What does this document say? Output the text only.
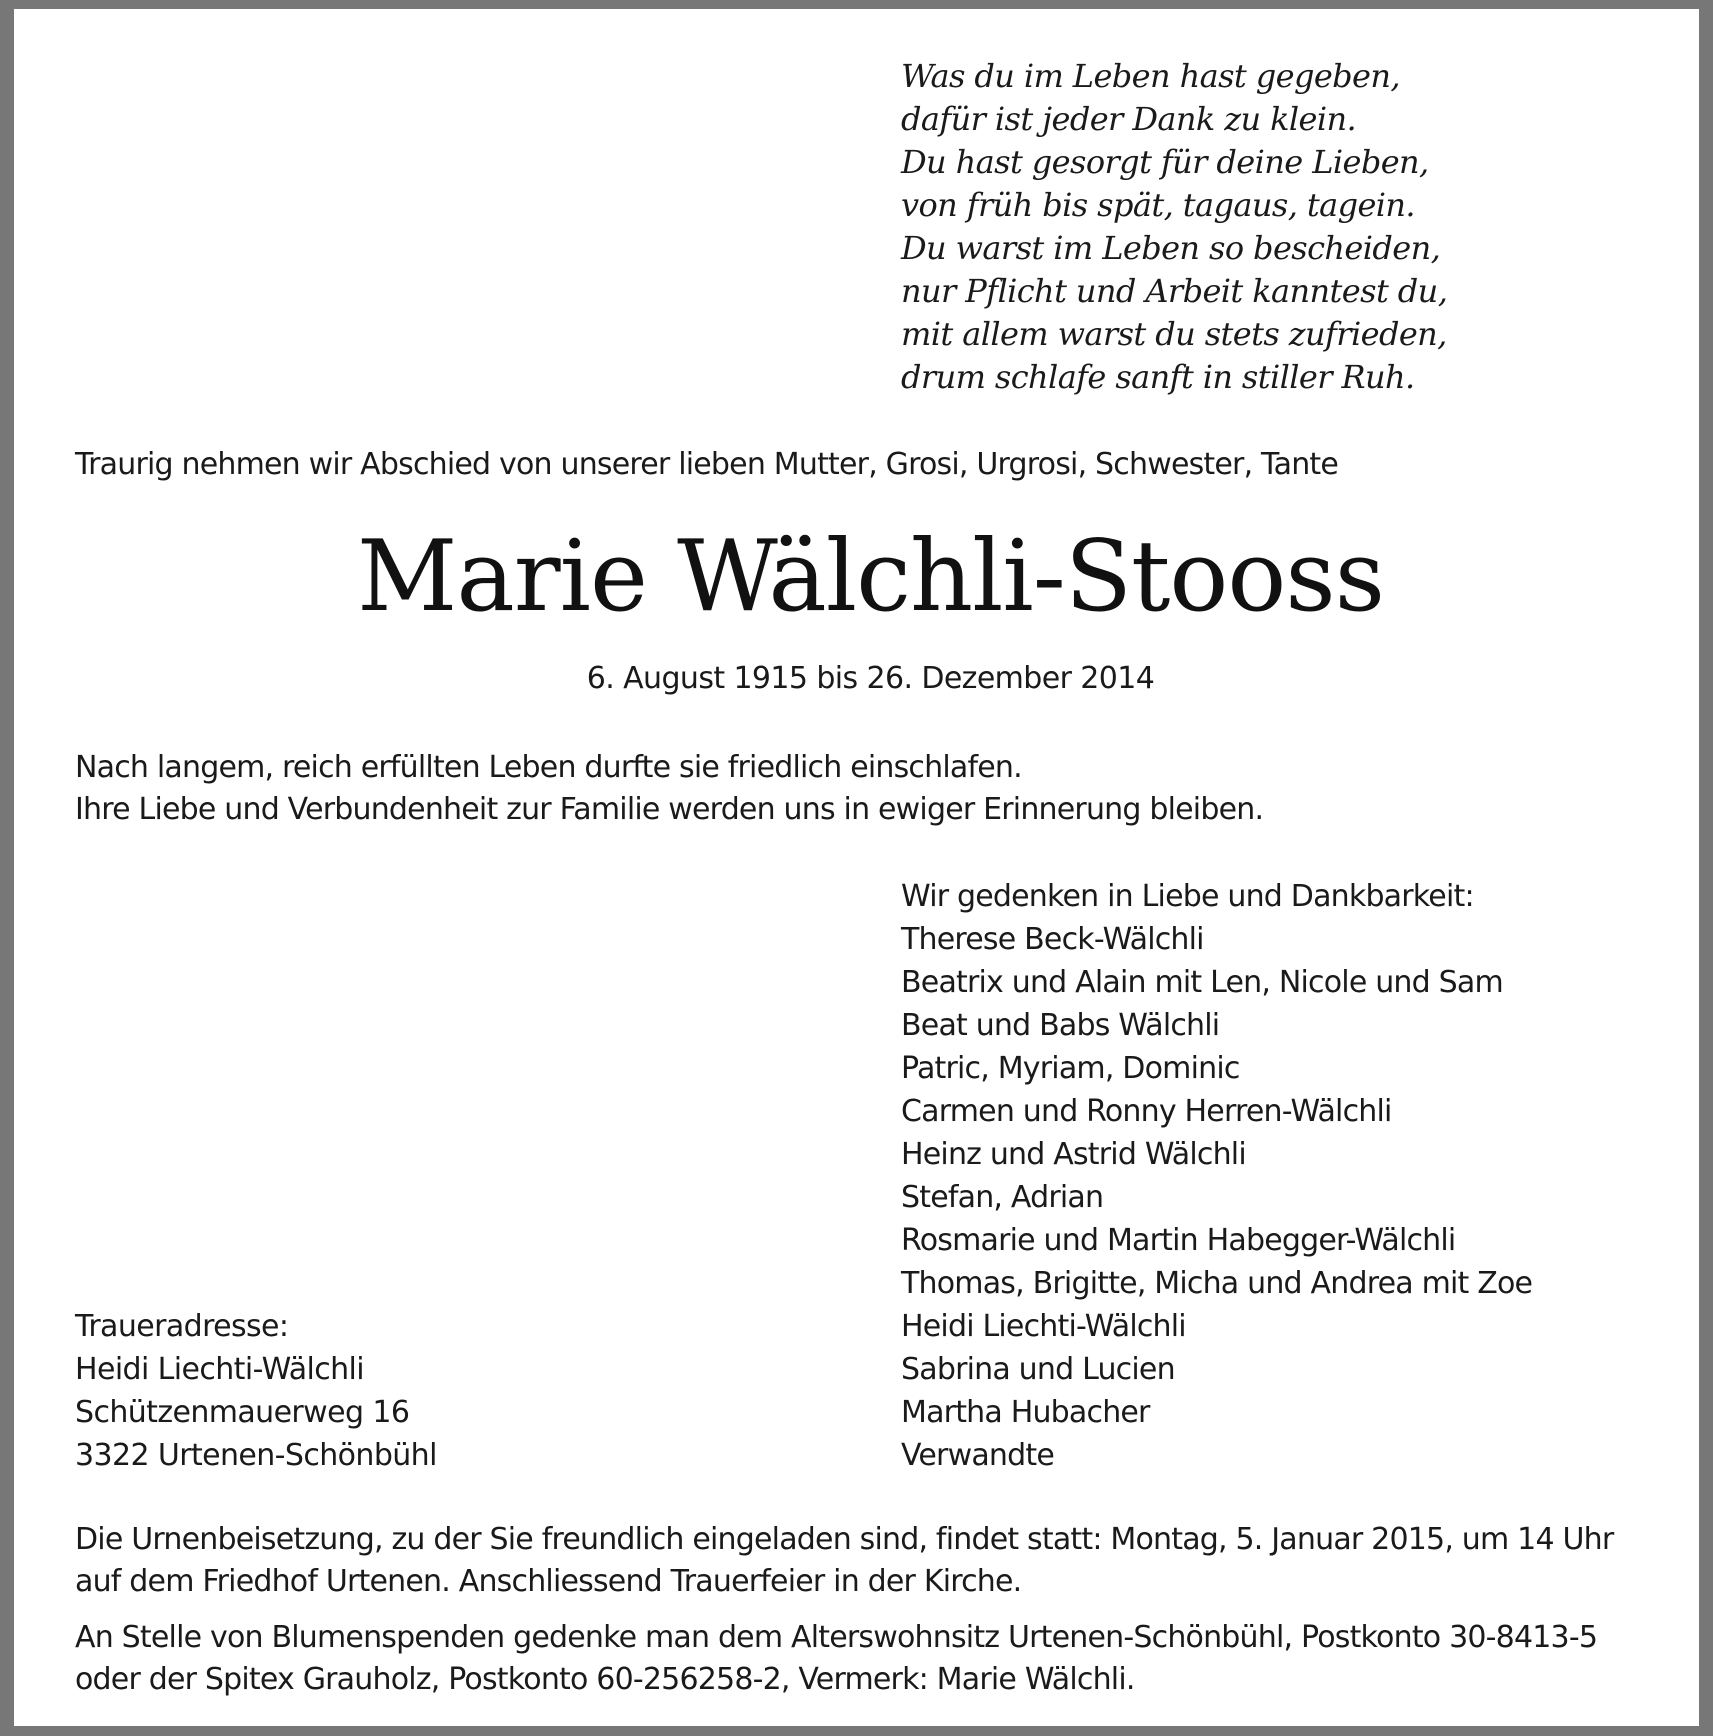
Was du im Leben hast gegeben,
dafür ist jeder Dank zu klein.
Du hast gesorgt für deine Lieben,
von früh bis spät, tagaus, tagein.
Du warst im Leben so bescheiden,
nur Pflicht und Arbeit kanntest du,
mit allem warst du stets zufrieden,
drum schlafe sanft in stiller Ruh.
Traurig nehmen wir Abschied von unserer lieben Mutter, Grosi, Urgrosi, Schwester, Tante
Marie Wälchli-Stooss
6. August 1915 bis 26. Dezember 2014
Nach langem, reich erfüllten Leben durfte sie friedlich einschlafen.
Ihre Liebe und Verbundenheit zur Familie werden uns in ewiger Erinnerung bleiben.
Wir gedenken in Liebe und Dankbarkeit:
Therese Beck-Wälchli
Beatrix und Alain mit Len, Nicole und Sam
Beat und Babs Wälchli
Patric, Myriam, Dominic
Carmen und Ronny Herren-Wälchli
Heinz und Astrid Wälchli
Stefan, Adrian
Rosmarie und Martin Habegger-Wälchli
Thomas, Brigitte, Micha und Andrea mit Zoe
Heidi Liechti-Wälchli
Sabrina und Lucien
Martha Hubacher
Verwandte
Traueradresse:
Heidi Liechti-Wälchli
Schützenmauerweg 16
3322 Urtenen-Schönbühl
Die Urnenbeisetzung, zu der Sie freundlich eingeladen sind, findet statt: Montag, 5. Januar 2015, um 14 Uhr
auf dem Friedhof Urtenen. Anschliessend Trauerfeier in der Kirche.
An Stelle von Blumenspenden gedenke man dem Alterswohnsitz Urtenen-Schönbühl, Postkonto 30-8413-5
oder der Spitex Grauholz, Postkonto 60-256258-2, Vermerk: Marie Wälchli.
